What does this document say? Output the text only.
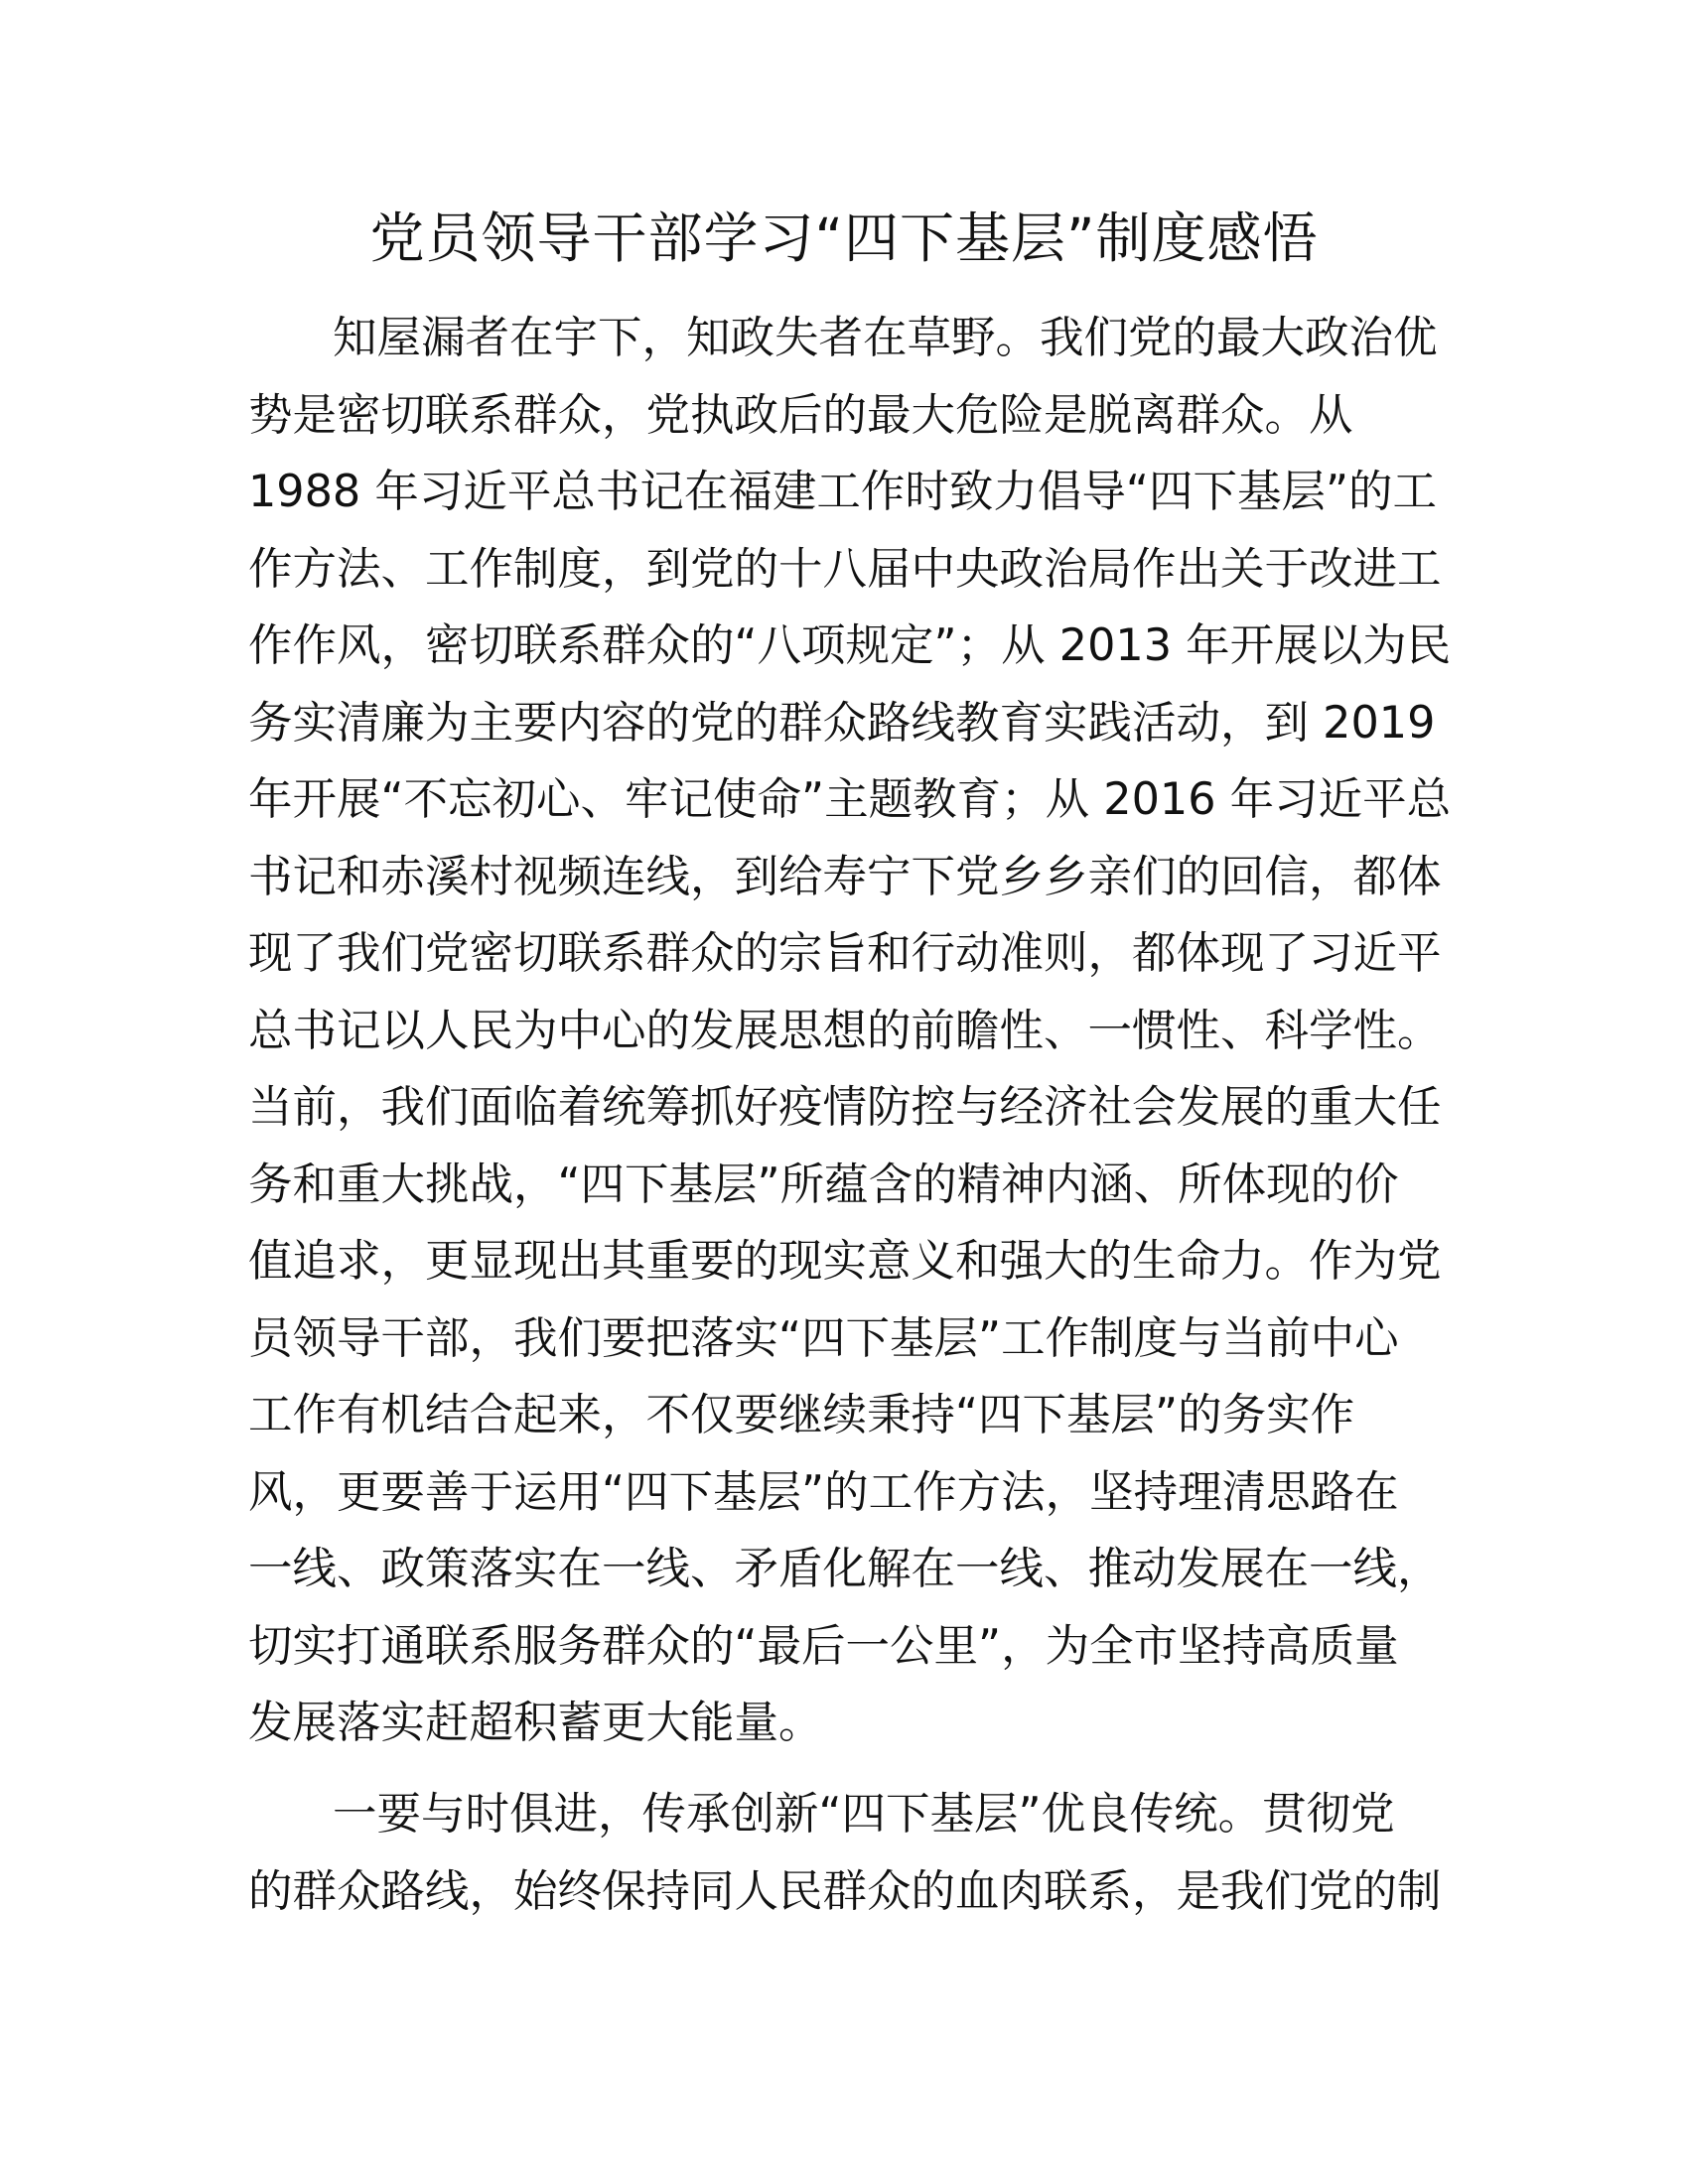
党员领导干部学习“四下基层”制度感悟
知屋漏者在宇下，知政失者在草野。我们党的最大政治优
势是密切联系群众，党执政后的最大危险是脱离群众。从
1988 年习近平总书记在福建工作时致力倡导“四下基层”的工
作方法、工作制度，到党的十八届中央政治局作出关于改进工
作作风，密切联系群众的“八项规定”；从 2013 年开展以为民
务实清廉为主要内容的党的群众路线教育实践活动，到 2019
年开展“不忘初心、牢记使命”主题教育；从 2016 年习近平总
书记和赤溪村视频连线，到给寿宁下党乡乡亲们的回信，都体
现了我们党密切联系群众的宗旨和行动准则，都体现了习近平
总书记以人民为中心的发展思想的前瞻性、一惯性、科学性。
当前，我们面临着统筹抓好疫情防控与经济社会发展的重大任
务和重大挑战，“四下基层”所蕴含的精神内涵、所体现的价
值追求，更显现出其重要的现实意义和强大的生命力。作为党
员领导干部，我们要把落实“四下基层”工作制度与当前中心
工作有机结合起来，不仅要继续秉持“四下基层”的务实作
风，更要善于运用“四下基层”的工作方法，坚持理清思路在
一线、政策落实在一线、矛盾化解在一线、推动发展在一线，
切实打通联系服务群众的“最后一公里”，为全市坚持高质量
发展落实赶超积蓄更大能量。
一要与时俱进，传承创新“四下基层”优良传统。贯彻党
的群众路线，始终保持同人民群众的血肉联系，是我们党的制
